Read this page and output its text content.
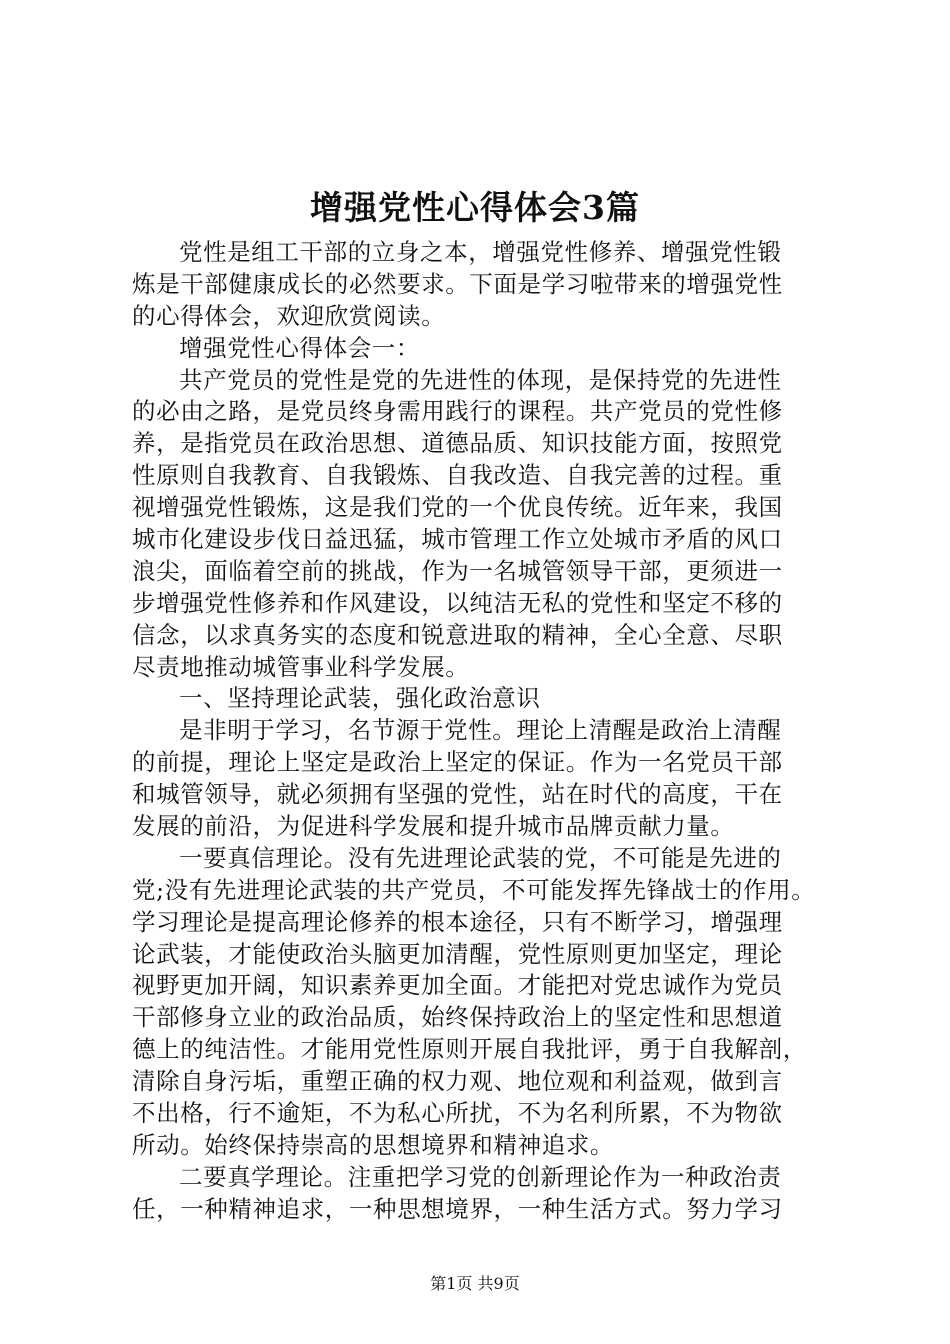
增强党性心得体会3篇
党性是组工干部的立身之本，增强党性修养、增强党性锻
炼是干部健康成长的必然要求。下面是学习啦带来的增强党性
的心得体会，欢迎欣赏阅读。
增强党性心得体会一：
共产党员的党性是党的先进性的体现，是保持党的先进性
的必由之路，是党员终身需用践行的课程。共产党员的党性修
养，是指党员在政治思想、道德品质、知识技能方面，按照党
性原则自我教育、自我锻炼、自我改造、自我完善的过程。重
视增强党性锻炼，这是我们党的一个优良传统。近年来，我国
城市化建设步伐日益迅猛，城市管理工作立处城市矛盾的风口
浪尖，面临着空前的挑战，作为一名城管领导干部，更须进一
步增强党性修养和作风建设，以纯洁无私的党性和坚定不移的
信念，以求真务实的态度和锐意进取的精神，全心全意、尽职
尽责地推动城管事业科学发展。
一、坚持理论武装，强化政治意识
是非明于学习，名节源于党性。理论上清醒是政治上清醒
的前提，理论上坚定是政治上坚定的保证。作为一名党员干部
和城管领导，就必须拥有坚强的党性，站在时代的高度，干在
发展的前沿，为促进科学发展和提升城市品牌贡献力量。
一要真信理论。没有先进理论武装的党，不可能是先进的
党;没有先进理论武装的共产党员，不可能发挥先锋战士的作用。
学习理论是提高理论修养的根本途径，只有不断学习，增强理
论武装，才能使政治头脑更加清醒，党性原则更加坚定，理论
视野更加开阔，知识素养更加全面。才能把对党忠诚作为党员
干部修身立业的政治品质，始终保持政治上的坚定性和思想道
德上的纯洁性。才能用党性原则开展自我批评，勇于自我解剖，
清除自身污垢，重塑正确的权力观、地位观和利益观，做到言
不出格，行不逾矩，不为私心所扰，不为名利所累，不为物欲
所动。始终保持崇高的思想境界和精神追求。
二要真学理论。注重把学习党的创新理论作为一种政治责
任，一种精神追求，一种思想境界，一种生活方式。努力学习
第1页 共9页
